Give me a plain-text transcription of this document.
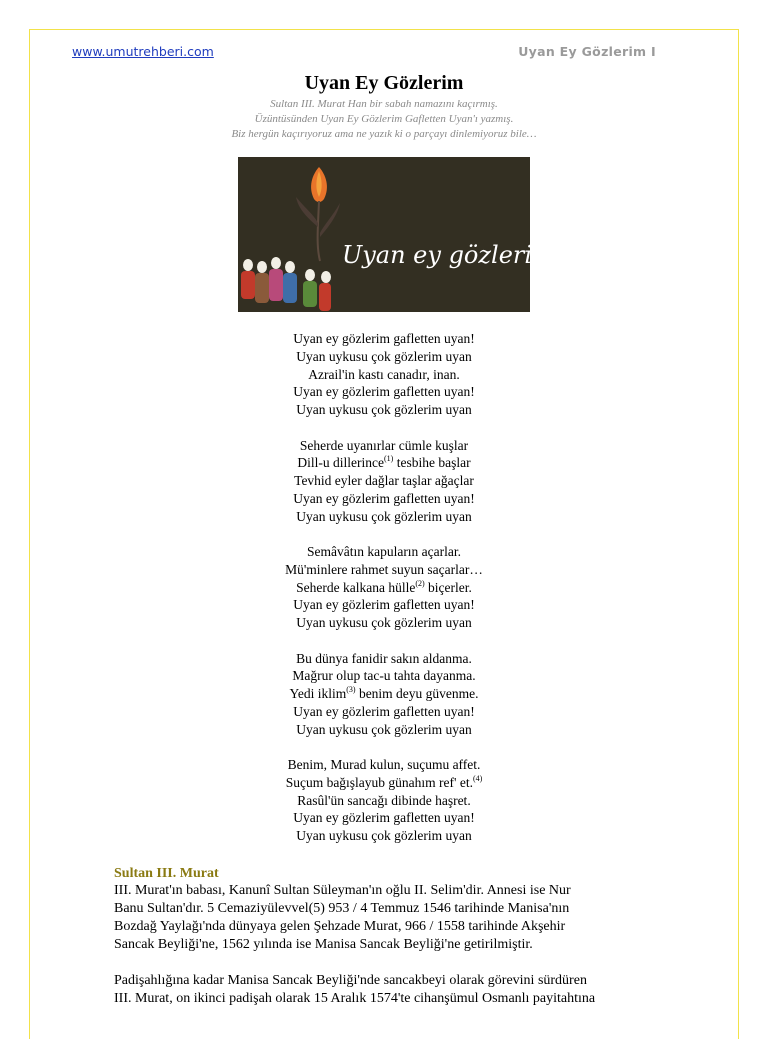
www.umutrehberi.com	Uyan Ey Gözlerim I
Uyan Ey Gözlerim
Sultan III. Murat Han bir sabah namazını kaçırmış.
Üzüntüsünden Uyan Ey Gözlerim Gafletten Uyan'ı yazmış.
Biz hergün kaçırıyoruz ama ne yazık ki o parçayı dinlemiyoruz bile…
Uyan ey gözlerim
Uyan ey gözlerim gafletten uyan!
Uyan uykusu çok gözlerim uyan
Azrail'in kastı canadır, inan.
Uyan ey gözlerim gafletten uyan!
Uyan uykusu çok gözlerim uyan
Seherde uyanırlar cümle kuşlar
Dill-u dillerince$^{(1)}$ tesbihe başlar
Tevhid eyler dağlar taşlar ağaçlar
Uyan ey gözlerim gafletten uyan!
Uyan uykusu çok gözlerim uyan
Semâvâtın kapuların açarlar.
Mü'minlere rahmet suyun saçarlar…
Seherde kalkana hülle$^{(2)}$ biçerler.
Uyan ey gözlerim gafletten uyan!
Uyan uykusu çok gözlerim uyan
Bu dünya fanidir sakın aldanma.
Mağrur olup tac-u tahta dayanma.
Yedi iklim$^{(3)}$ benim deyu güvenme.
Uyan ey gözlerim gafletten uyan!
Uyan uykusu çok gözlerim uyan
Benim, Murad kulun, suçumu affet.
Suçum bağışlayub günahım ref' et.$^{(4)}$
Rasûl'ün sancağı dibinde haşret.
Uyan ey gözlerim gafletten uyan!
Uyan uykusu çok gözlerim uyan
Sultan III. Murat

III. Murat'ın babası, Kanunî Sultan Süleyman'ın oğlu II. Selim'dir. Annesi ise Nur
Banu Sultan'dır. 5 Cemaziyülevvel(5) 953 / 4 Temmuz 1546 tarihinde Manisa'nın
Bozdağ Yaylağı'nda dünyaya gelen Şehzade Murat, 966 / 1558 tarihinde Akşehir
Sancak Beyliği'ne, 1562 yılında ise Manisa Sancak Beyliği'ne getirilmiştir.

Padişahlığına kadar Manisa Sancak Beyliği'nde sancakbeyi olarak görevini sürdüren
III. Murat, on ikinci padişah olarak 15 Aralık 1574'te cihanşümul Osmanlı payitahtına
